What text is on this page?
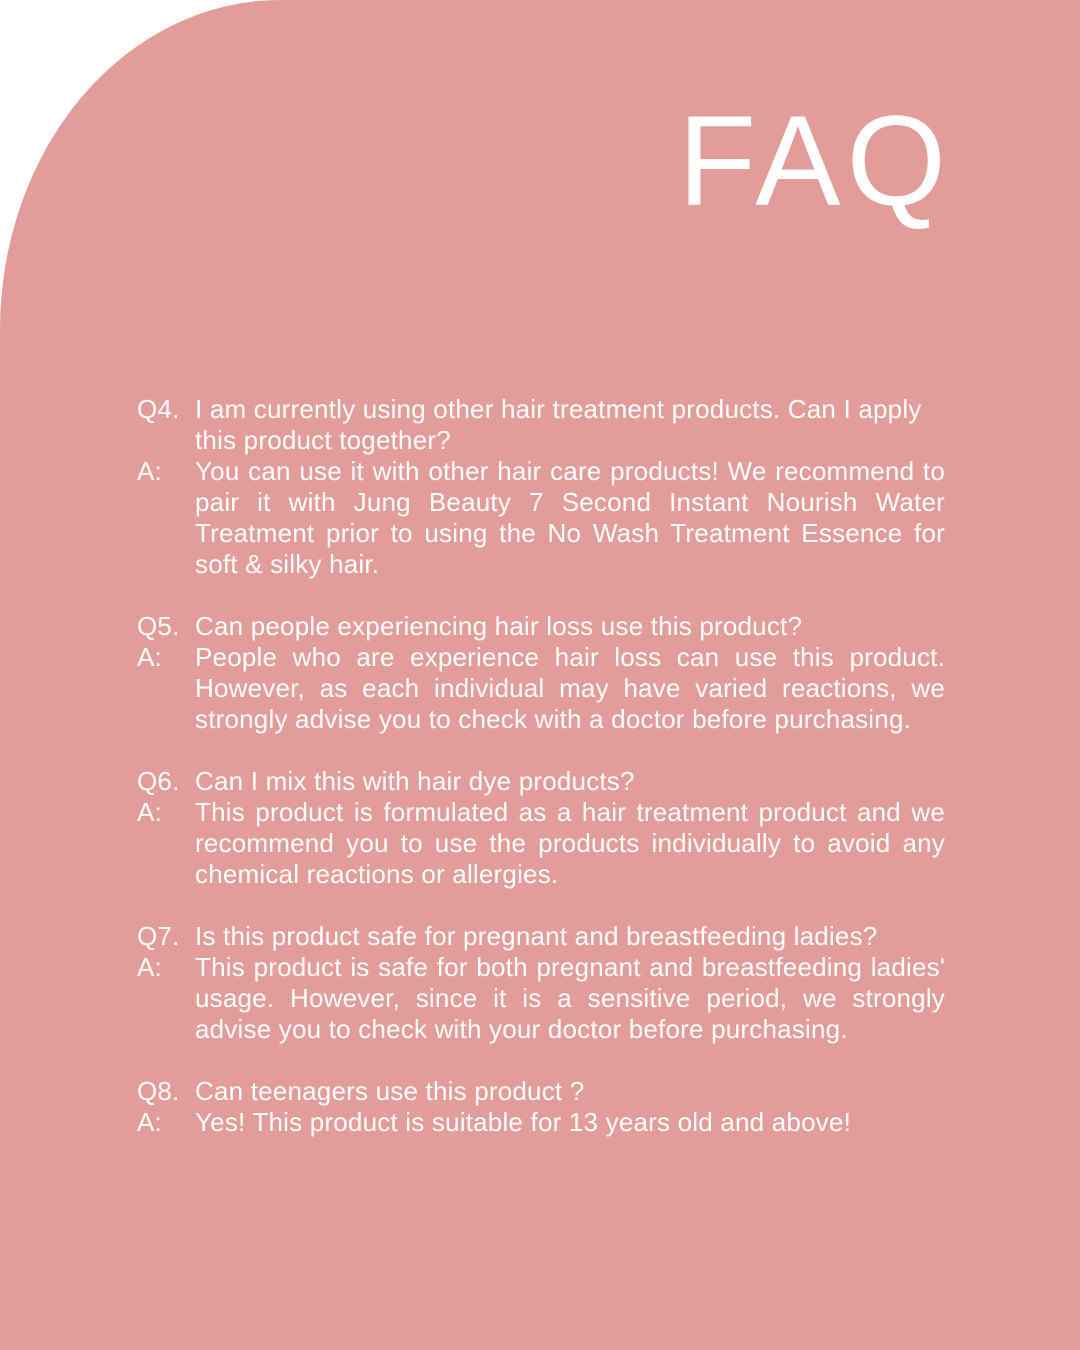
FAQ
Q4. I am currently using other hair treatment products. Can I apply this product together?

A:	You can use it with other hair care products! We recommend to pair it with Jung Beauty 7 Second Instant Nourish Water Treatment prior to using the No Wash Treatment Essence for soft & silky hair.

Q5. Can people experiencing hair loss use this product?

A:	People who are experience hair loss can use this product. However, as each individual may have varied reactions, we strongly advise you to check with a doctor before purchasing.

Q6. Can I mix this with hair dye products?

A:	This product is formulated as a hair treatment product and we recommend you to use the products individually to avoid any chemical reactions or allergies.

Q7. Is this product safe for pregnant and breastfeeding ladies?

A:	This product is safe for both pregnant and breastfeeding ladies' usage. However, since it is a sensitive period, we strongly advise you to check with your doctor before purchasing.

Q8. Can teenagers use this product ?

A:	Yes! This product is suitable for 13 years old and above!
